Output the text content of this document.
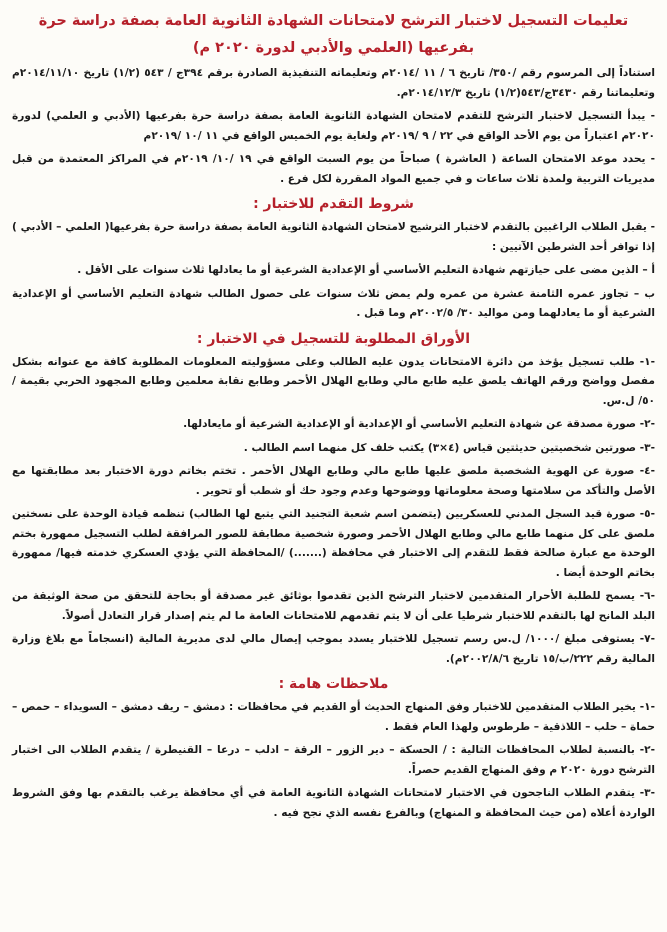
تعليمات التسجيل لاختبار الترشح لامتحانات الشهادة الثانوية العامة بصفة دراسة حرة
بفرعيها (العلمي والأدبي لدورة ٢٠٢٠ م)

استناداً إلى المرسوم رقم /٣٥٠/ تاريخ ٦ / ١١ /٢٠١٤م وتعليماته التنفيذية الصادرة برقم ٣٩٤ج / ٥٤٣ (١/٢) تاريخ ٢٠١٤/١١/١٠م وتعليماتنا رقم ٣٤٣٠ج/٥٤٣(١/٢) تاريخ ٢٠١٤/١٢/٣م.

- يبدأ التسجيل لاختبار الترشح للتقدم لامتحان الشهادة الثانوية العامة بصفة دراسة حرة بفرعيها (الأدبي و العلمي) لدورة ٢٠٢٠م اعتباراً من يوم الأحد الواقع في ٢٢ / ٩ /٢٠١٩م ولغاية يوم الخميس الواقع في ١١ /١٠ /٢٠١٩م

- يحدد موعد الامتحان الساعة ( العاشرة ) صباحاً من يوم السبت الواقع في ١٩ /١٠/ ٢٠١٩م في المراكز المعتمدة من قبل مديريات التربية ولمدة ثلاث ساعات و في جميع المواد المقررة لكل فرع .

شروط التقدم للاختبار :

- يقبل الطلاب الراغبين بالتقدم لاختبار الترشيح لامتحان الشهادة الثانوية العامة بصفة دراسة حرة بفرعيها( العلمي – الأدبي ) إذا توافر أحد الشرطين الآتيين :

أ – الذين مضى على حيازتهم شهادة التعليم الأساسي أو الإعدادية الشرعية أو ما يعادلها ثلاث سنوات على الأقل .

ب – تجاوز عمره الثامنة عشرة من عمره ولم يمض ثلاث سنوات على حصول الطالب شهادة التعليم الأساسي أو الإعدادية الشرعية أو ما يعادلهما ومن مواليد ٣٠/ ٢٠٠٢/٥م وما قبل .

الأوراق المطلوبة للتسجيل في الاختبار :

-١- طلب تسجيل يؤخذ من دائرة الامتحانات يدون عليه الطالب وعلى مسؤوليته المعلومات المطلوبة كافة مع عنوانه بشكل مفصل وواضح ورقم الهاتف يلصق عليه طابع مالي وطابع الهلال الأحمر وطابع نقابة معلمين وطابع المجهود الحربي بقيمة /٥٠/ ل.س.

-٢- صورة مصدقة عن شهادة التعليم الأساسي أو الإعدادية أو الإعدادية الشرعية أو مايعادلها.

-٣- صورتين شخصيتين حديثتين قياس (٤×٣) يكتب خلف كل منهما اسم الطالب .

-٤- صورة عن الهوية الشخصية ملصق عليها طابع مالي وطابع الهلال الأحمر . تختم بخاتم دورة الاختبار بعد مطابقتها مع الأصل والتأكد من سلامتها وصحة معلوماتها ووضوحها وعدم وجود حك أو شطب أو تحوير .

-٥- صورة قيد السجل المدني للعسكريين (يتضمن اسم شعبة التجنيد التي يتبع لها الطالب) تنظمه قيادة الوحدة على نسختين ملصق على كل منهما طابع مالي وطابع الهلال الأحمر وصورة شخصية مطابقة للصور المرافقة لطلب التسجيل ممهورة بختم الوحدة مع عبارة صالحة فقط للتقدم إلى الاختبار في محافظة (.......) /المحافظة التي يؤدي العسكري خدمته فيها/ ممهورة بخاتم الوحدة أيضا .

-٦- يسمح للطلبة الأحرار المتقدمين لاختبار الترشح الذين تقدموا بوثائق غير مصدقة أو بحاجة للتحقق من صحة الوثيقة من البلد المانح لها بالتقدم للاختبار شرطيا على أن لا يتم تقدمهم للامتحانات العامة ما لم يتم إصدار قرار التعادل أصولاً.

-٧- يستوفى مبلغ /١٠٠٠/ ل.س رسم تسجيل للاختبار يسدد بموجب إيصال مالي لدى مديرية المالية (انسجاماً مع بلاغ وزارة المالية رقم ٢٢٢/ب/١٥ تاريخ ٢٠٠٢/٨/٦م).

ملاحظات هامة :

-١- يخير الطلاب المتقدمين للاختبار وفق المنهاج الحديث أو القديم في محافظات : دمشق – ريف دمشق – السويداء – حمص – حماة – حلب – اللاذقية – طرطوس ولهذا العام فقط .

-٢- بالنسبة لطلاب المحافظات التالية : / الحسكة – دير الزور – الرقة – ادلب – درعا – القنيطرة / يتقدم الطلاب الى اختبار الترشح دورة ٢٠٢٠ م وفق المنهاج القديم حصراً.

-٣- يتقدم الطلاب الناجحون في الاختبار لامتحانات الشهادة الثانوية العامة في أي محافظة يرغب بالتقدم بها وفق الشروط الواردة أعلاه (من حيث المحافظة و المنهاج) وبالفرع نفسه الذي نجح فيه .
